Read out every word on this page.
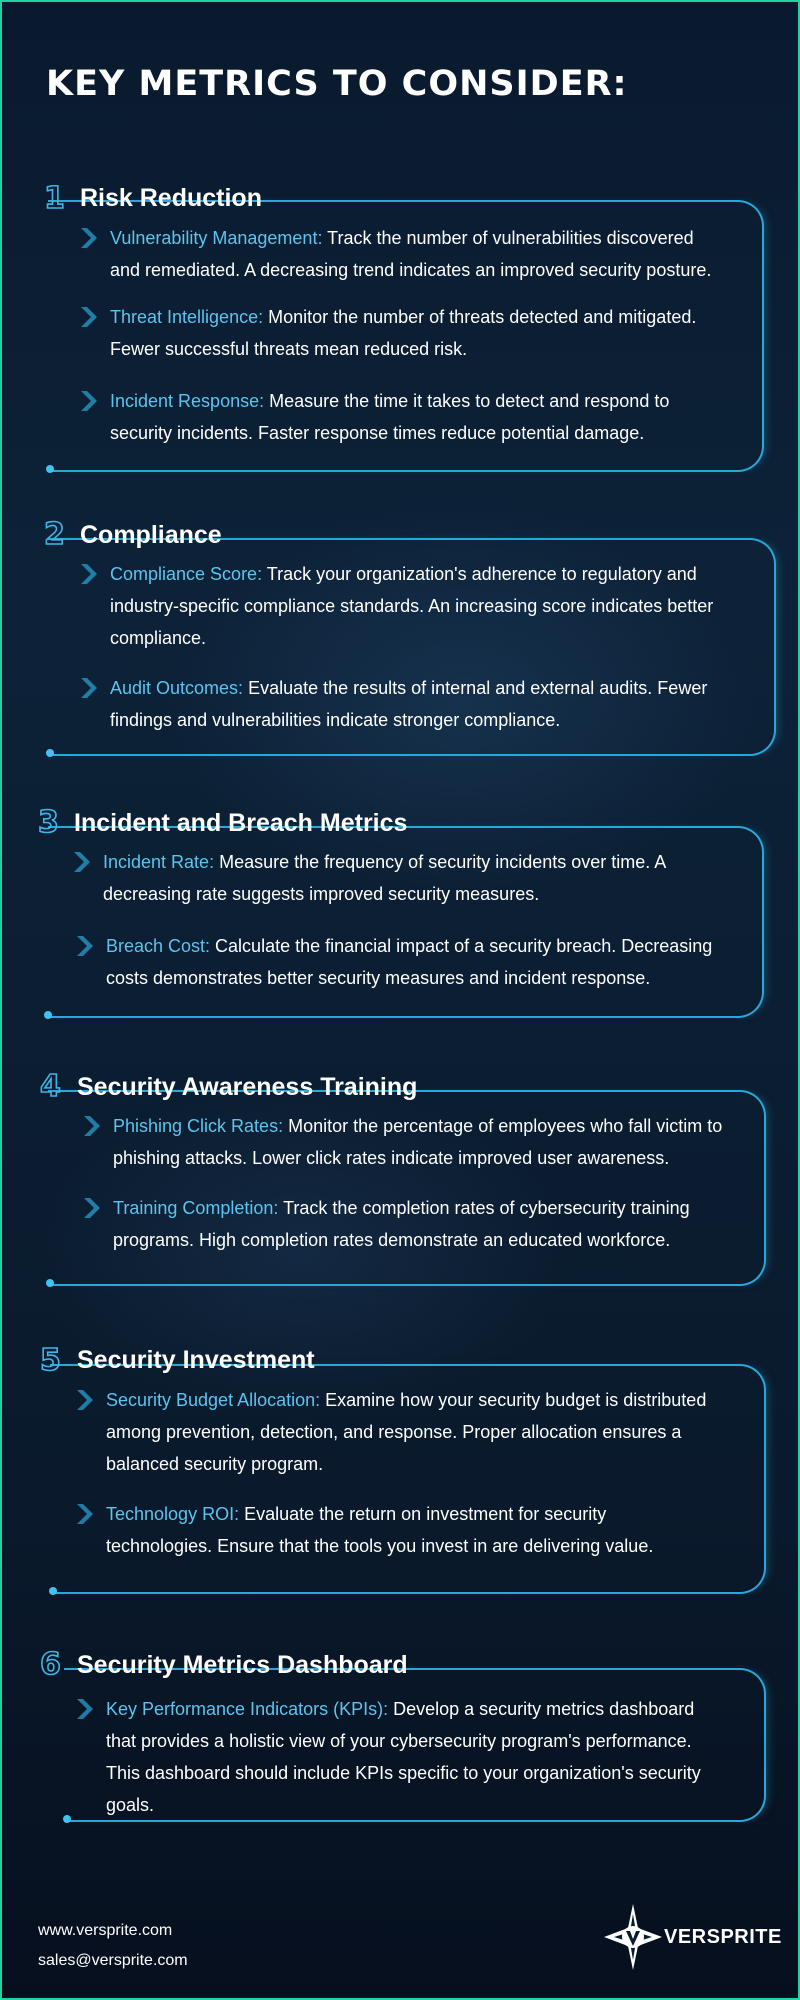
KEY METRICS TO CONSIDER:
1 Risk Reduction

Vulnerability Management: Track the number of vulnerabilities discovered and remediated. A decreasing trend indicates an improved security posture.

Threat Intelligence: Monitor the number of threats detected and mitigated. Fewer successful threats mean reduced risk.

Incident Response: Measure the time it takes to detect and respond to security incidents. Faster response times reduce potential damage.

2 Compliance

Compliance Score: Track your organization's adherence to regulatory and industry-specific compliance standards. An increasing score indicates better compliance.

Audit Outcomes: Evaluate the results of internal and external audits. Fewer findings and vulnerabilities indicate stronger compliance.

3 Incident and Breach Metrics

Incident Rate: Measure the frequency of security incidents over time. A decreasing rate suggests improved security measures.

Breach Cost: Calculate the financial impact of a security breach. Decreasing costs demonstrates better security measures and incident response.

4 Security Awareness Training

Phishing Click Rates: Monitor the percentage of employees who fall victim to phishing attacks. Lower click rates indicate improved user awareness.

Training Completion: Track the completion rates of cybersecurity training programs. High completion rates demonstrate an educated workforce.

5 Security Investment

Security Budget Allocation: Examine how your security budget is distributed among prevention, detection, and response. Proper allocation ensures a balanced security program.

Technology ROI: Evaluate the return on investment for security technologies. Ensure that the tools you invest in are delivering value.

6 Security Metrics Dashboard

Key Performance Indicators (KPIs): Develop a security metrics dashboard that provides a holistic view of your cybersecurity program's performance. This dashboard should include KPIs specific to your organization's security goals.

www.versprite.com
sales@versprite.com
VERSPRITE
